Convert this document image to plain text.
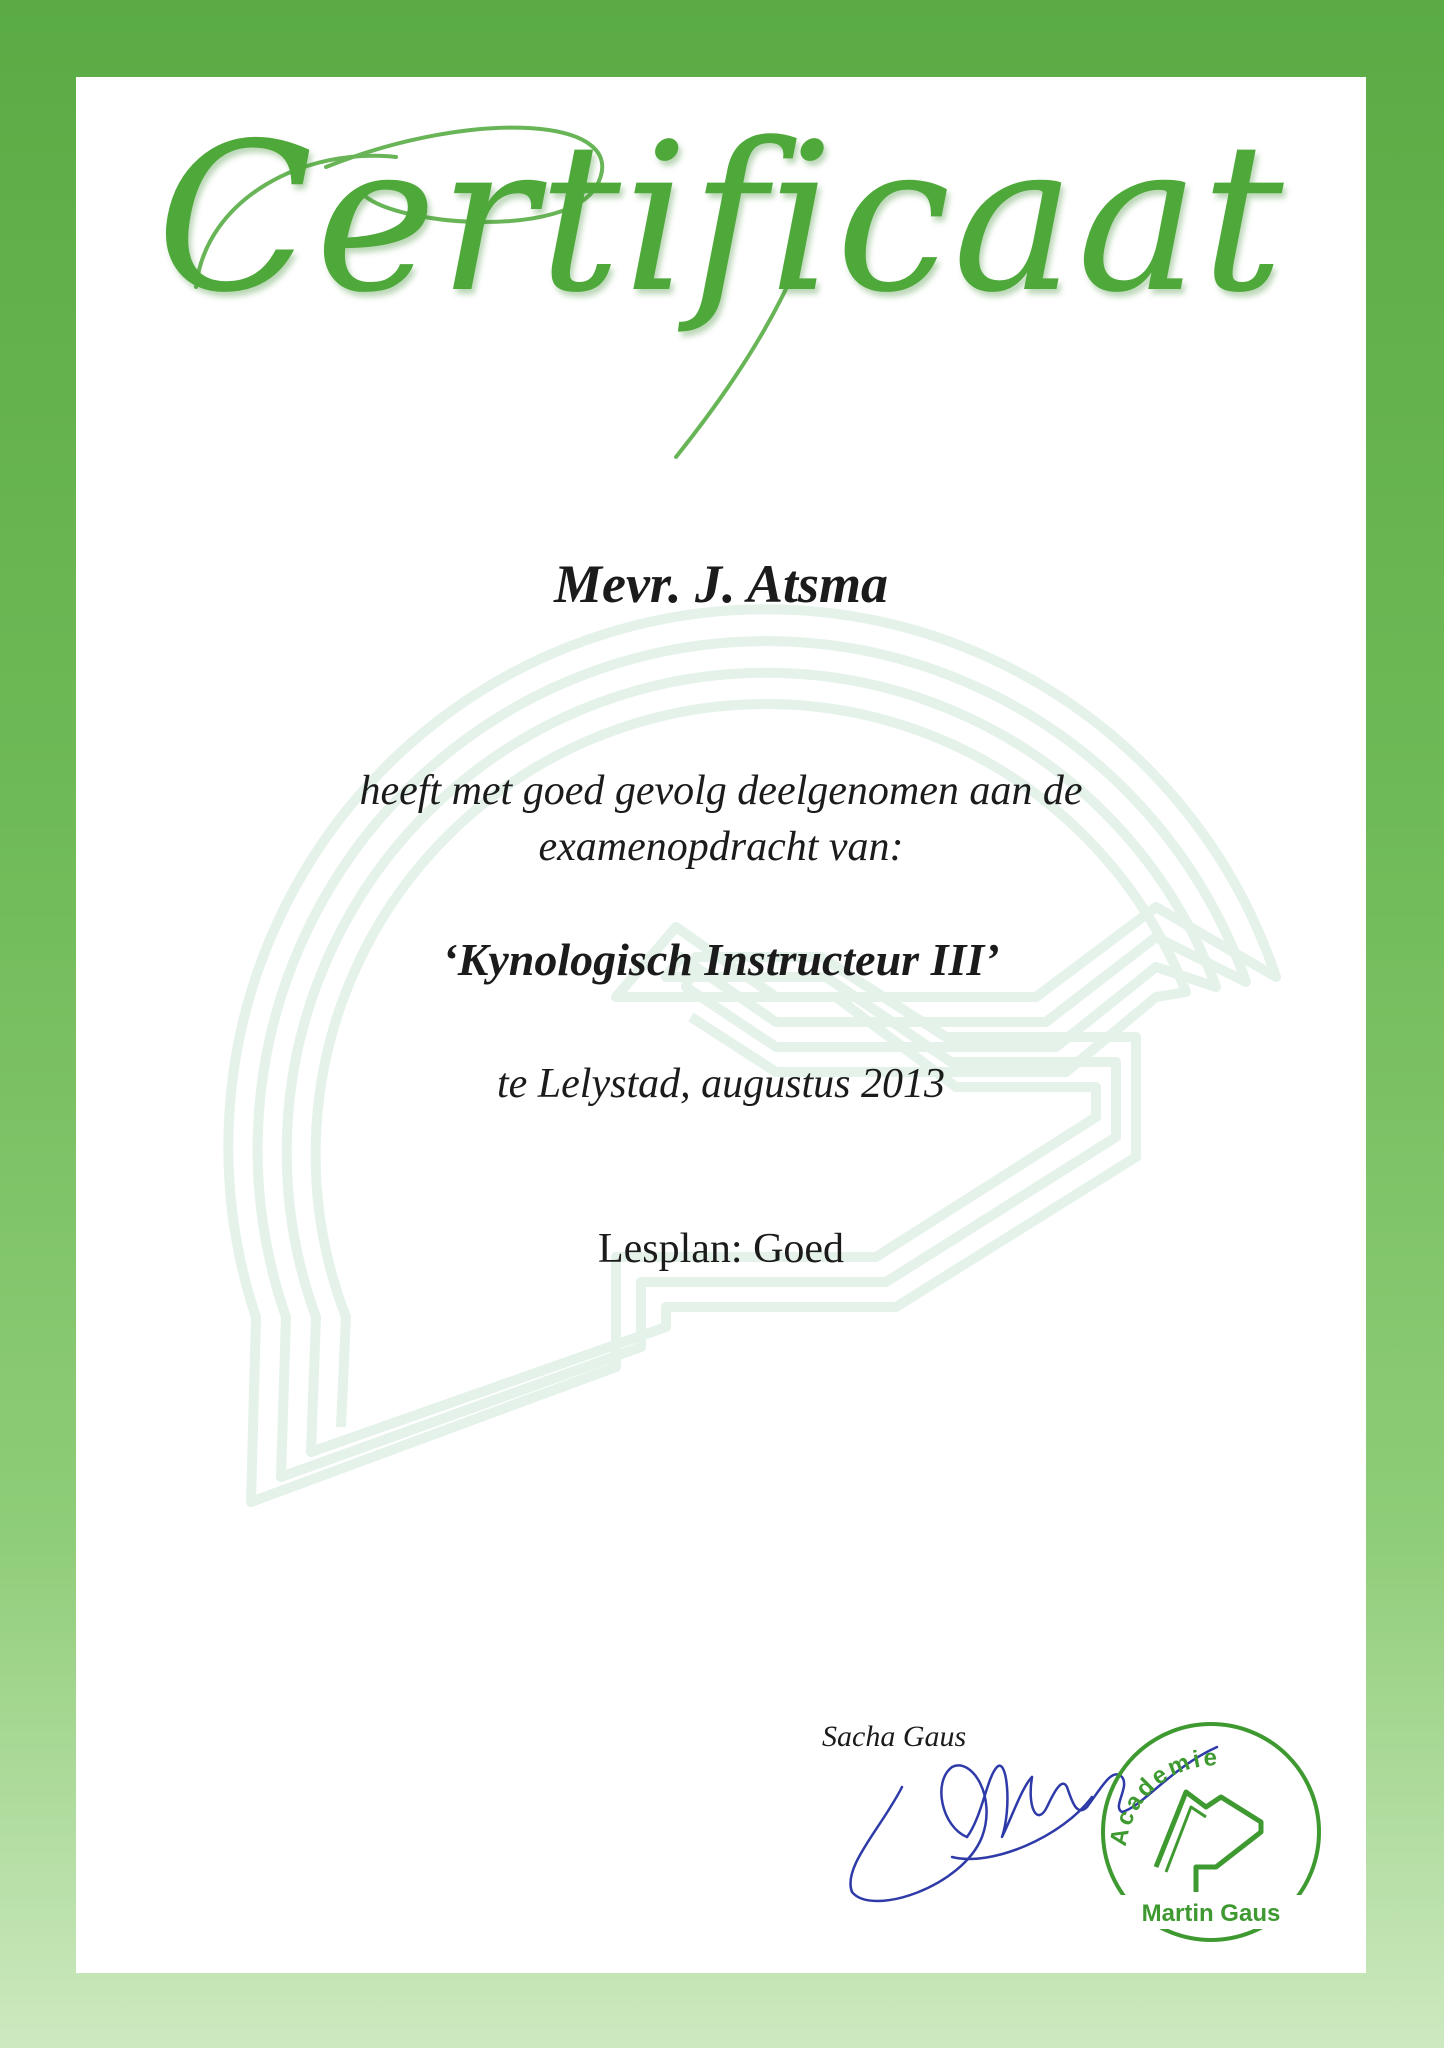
Certificaat
Mevr. J. Atsma
heeft met goed gevolg deelgenomen aan de
examenopdracht van:
‘Kynologisch Instructeur III’
te Lelystad, augustus 2013
Lesplan: Goed
Sacha Gaus
Academie
Martin Gaus
